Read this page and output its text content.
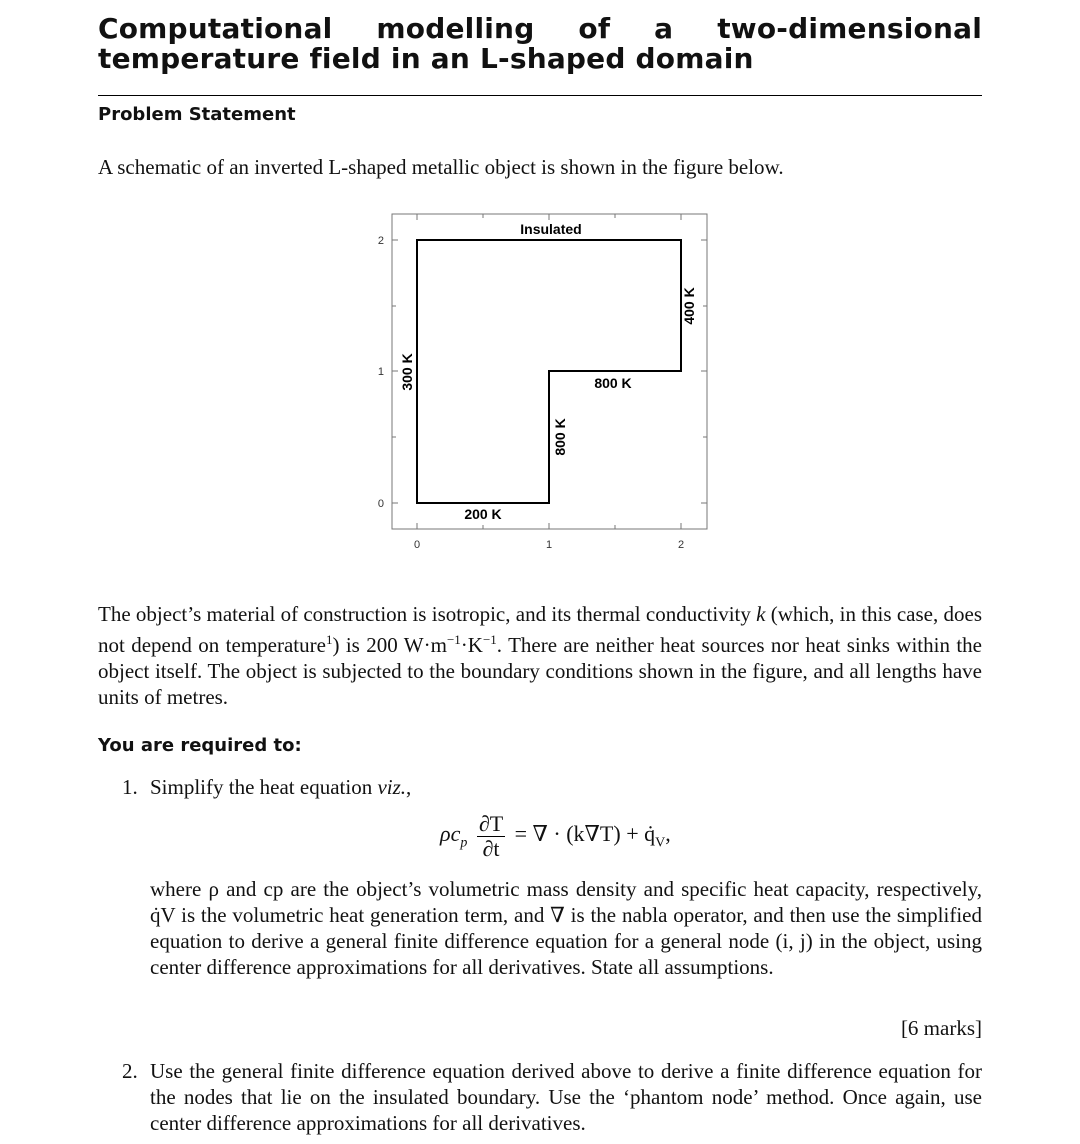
Computational modelling of a two-dimensional temperature field in an L-shaped domain
Problem Statement
A schematic of an inverted L-shaped metallic object is shown in the figure below.
2
1
0
0	1	2
Insulated
400 K
300 K	800 K
800 K
200 K
The object’s material of construction is isotropic, and its thermal conductivity k (which, in this case, does not depend on temperature$^1$) is 200 $W\cdot m^{-1}\cdot K^{-1}$. There are neither heat sources nor heat sinks within the object itself. The object is subjected to the boundary conditions shown in the figure, and all lengths have units of metres.
You are required to:
1. Simplify the heat equation viz.,
$\rho c_p \frac{\partial T}{\partial t}$ = ∇ · $(k\nabla T) + q̇_V$,
where ρ and cp are the object’s volumetric mass density and specific heat capacity, respectively, q̇V is the volumetric heat generation term, and ∇ is the nabla operator, and then use the simplified equation to derive a general finite difference equation for a general node (i, j) in the object, using center difference approximations for all derivatives. State all assumptions.
[6 marks]
2. Use the general finite difference equation derived above to derive a finite difference equation for the nodes that lie on the insulated boundary. Use the ‘phantom node’ method. Once again, use center difference approximations for all derivatives.
